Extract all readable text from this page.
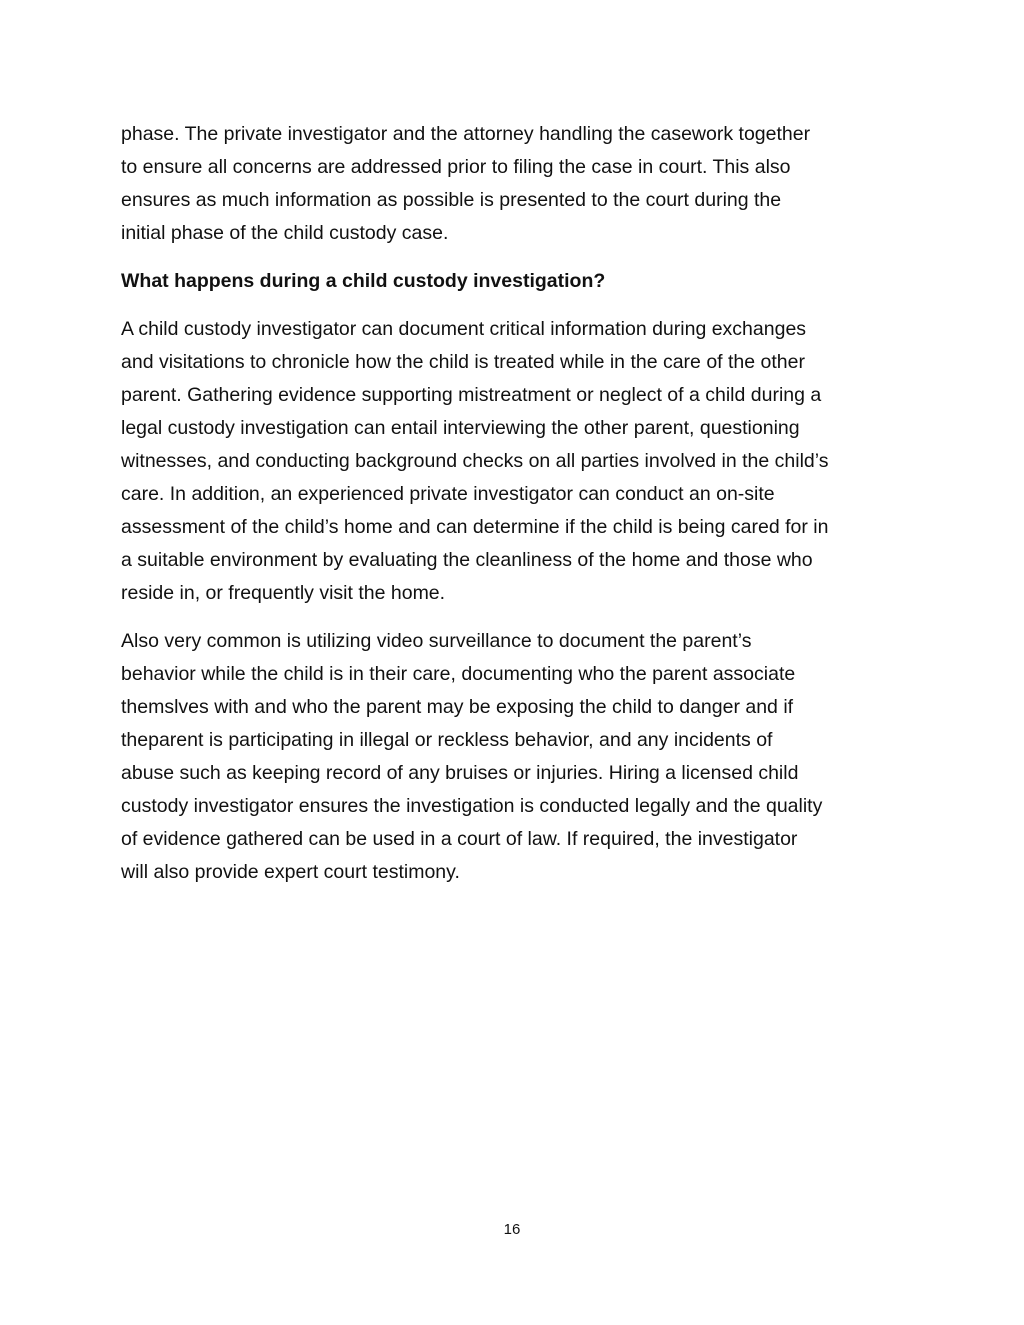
phase. The private investigator and the attorney handling the casework together
to ensure all concerns are addressed prior to filing the case in court. This also
ensures as much information as possible is presented to the court during the
initial phase of the child custody case.

What happens during a child custody investigation?

A child custody investigator can document critical information during exchanges
and visitations to chronicle how the child is treated while in the care of the other
parent. Gathering evidence supporting mistreatment or neglect of a child during a
legal custody investigation can entail interviewing the other parent, questioning
witnesses, and conducting background checks on all parties involved in the child’s
care. In addition, an experienced private investigator can conduct an on-site
assessment of the child’s home and can determine if the child is being cared for in
a suitable environment by evaluating the cleanliness of the home and those who
reside in, or frequently visit the home.

Also very common is utilizing video surveillance to document the parent’s
behavior while the child is in their care, documenting who the parent associate
themslves with and who the parent may be exposing the child to danger and if
theparent is participating in illegal or reckless behavior, and any incidents of
abuse such as keeping record of any bruises or injuries. Hiring a licensed child
custody investigator ensures the investigation is conducted legally and the quality
of evidence gathered can be used in a court of law. If required, the investigator
will also provide expert court testimony.

16
